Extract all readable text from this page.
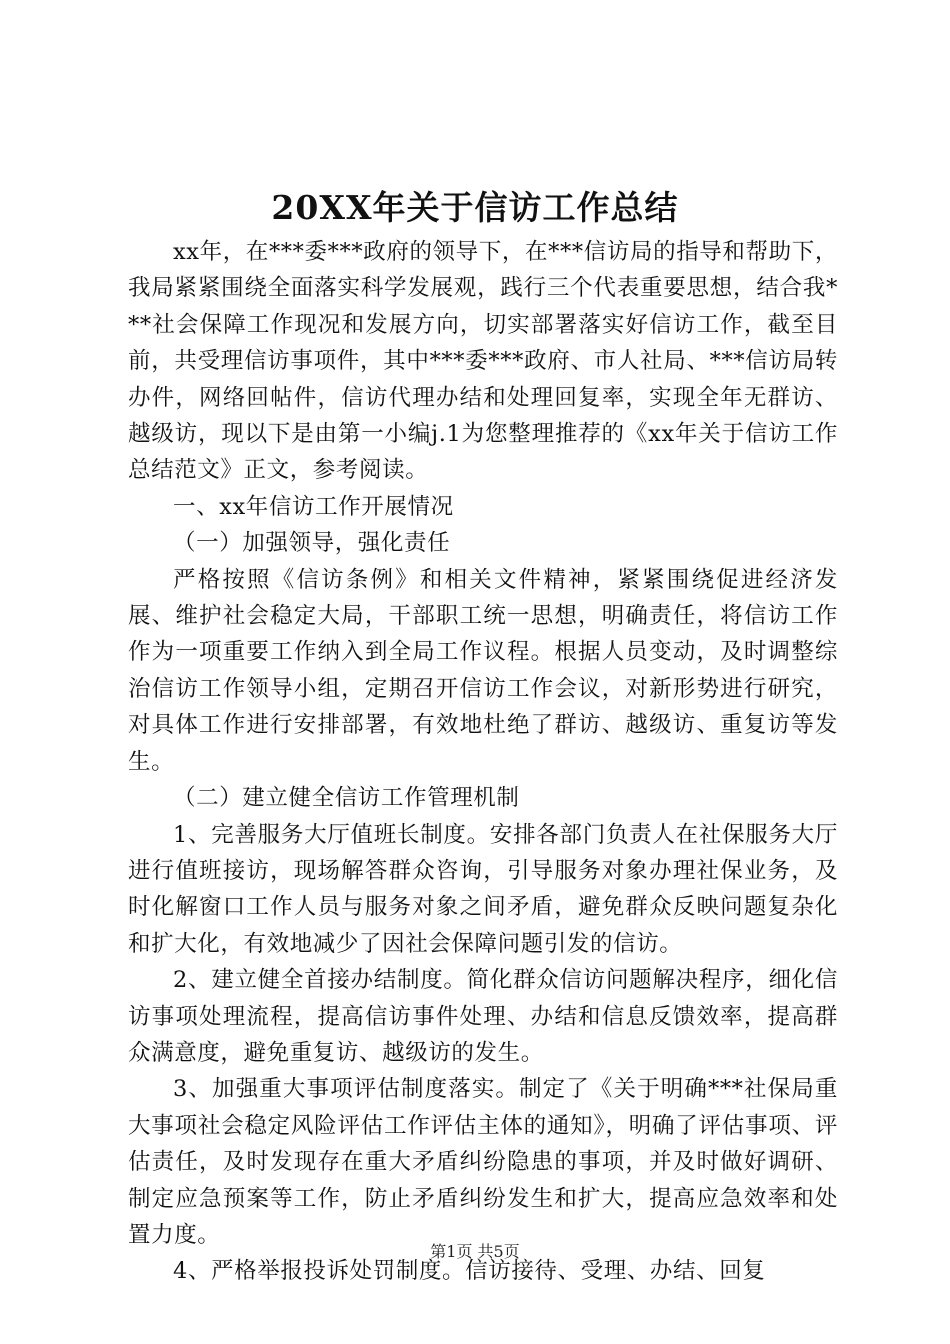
20XX年关于信访工作总结

xx年，在***委***政府的领导下，在***信访局的指导和帮助下，我局紧紧围绕全面落实科学发展观，践行三个代表重要思想，结合我***社会保障工作现况和发展方向，切实部署落实好信访工作，截至目前，共受理信访事项件，其中***委***政府、市人社局、***信访局转办件，网络回帖件，信访代理办结和处理回复率，实现全年无群访、越级访，现以下是由第一小编j.1为您整理推荐的《xx年关于信访工作总结范文》正文，参考阅读。

一、xx年信访工作开展情况

（一）加强领导，强化责任

严格按照《信访条例》和相关文件精神，紧紧围绕促进经济发展、维护社会稳定大局，干部职工统一思想，明确责任，将信访工作作为一项重要工作纳入到全局工作议程。根据人员变动，及时调整综治信访工作领导小组，定期召开信访工作会议，对新形势进行研究，对具体工作进行安排部署，有效地杜绝了群访、越级访、重复访等发生。

（二）建立健全信访工作管理机制

1、完善服务大厅值班长制度。安排各部门负责人在社保服务大厅进行值班接访，现场解答群众咨询，引导服务对象办理社保业务，及时化解窗口工作人员与服务对象之间矛盾，避免群众反映问题复杂化和扩大化，有效地减少了因社会保障问题引发的信访。

2、建立健全首接办结制度。简化群众信访问题解决程序，细化信访事项处理流程，提高信访事件处理、办结和信息反馈效率，提高群众满意度，避免重复访、越级访的发生。

3、加强重大事项评估制度落实。制定了《关于明确***社保局重大事项社会稳定风险评估工作评估主体的通知》，明确了评估事项、评估责任，及时发现存在重大矛盾纠纷隐患的事项，并及时做好调研、制定应急预案等工作，防止矛盾纠纷发生和扩大，提高应急效率和处置力度。

4、严格举报投诉处罚制度。信访接待、受理、办结、回复

第1页 共5页
